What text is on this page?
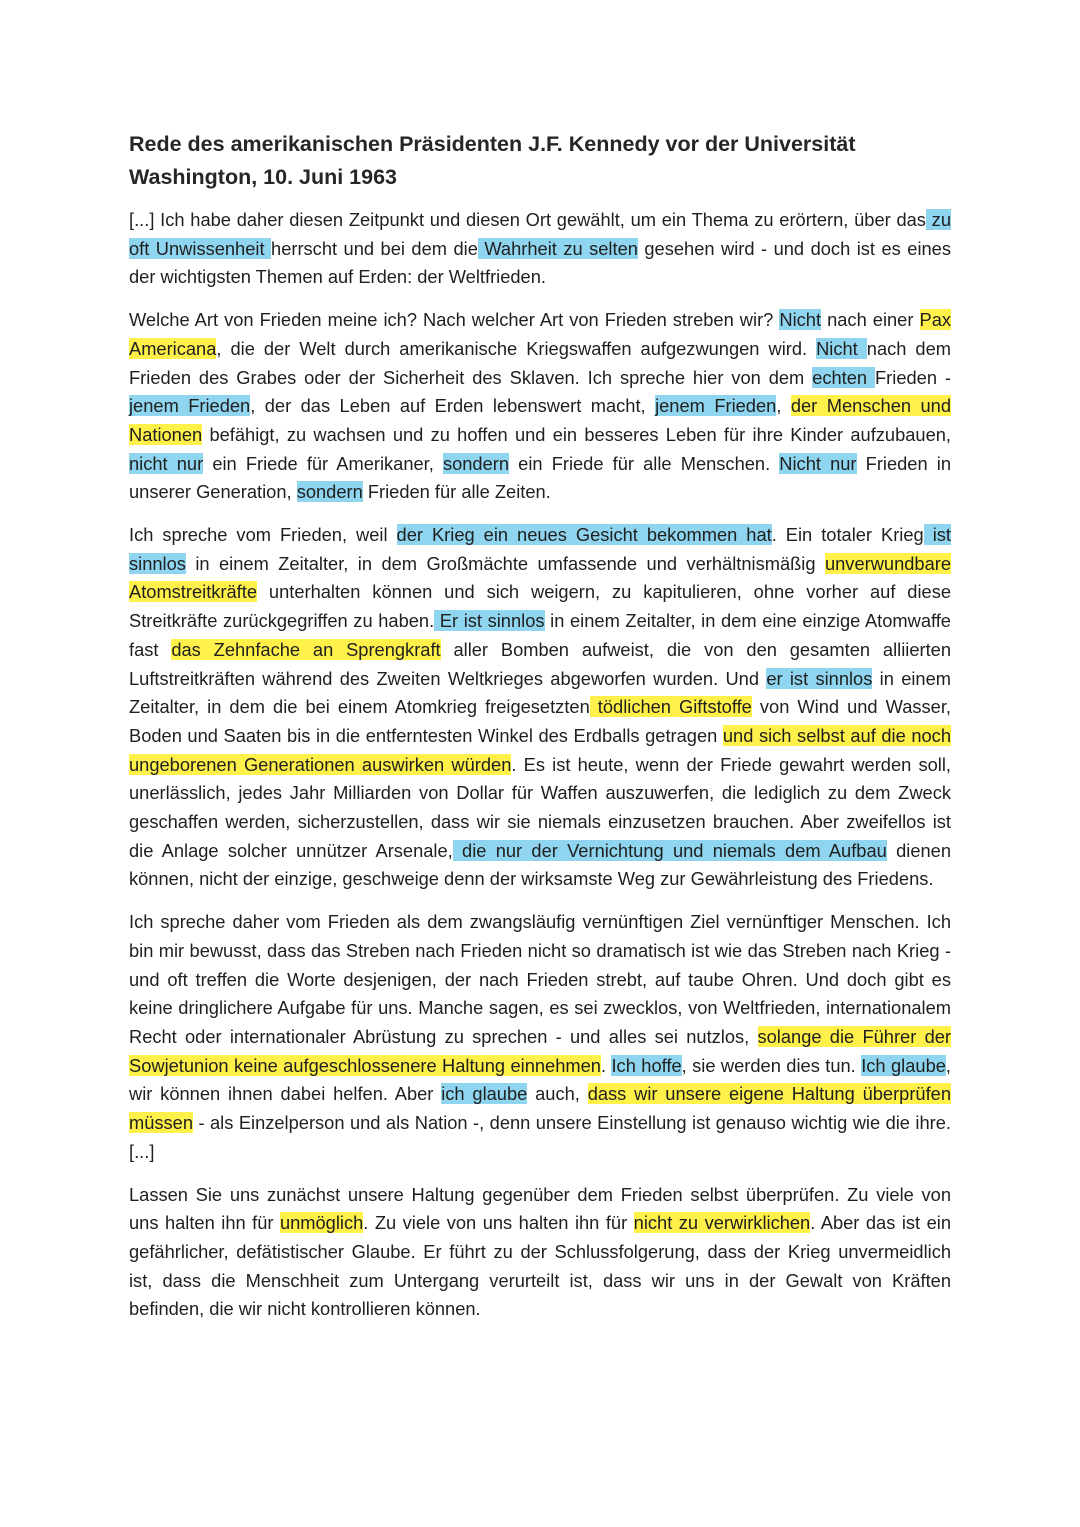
Rede des amerikanischen Präsidenten J.F. Kennedy vor der Universität Washington, 10. Juni 1963

[...] Ich habe daher diesen Zeitpunkt und diesen Ort gewählt, um ein Thema zu erörtern, über das zu oft Unwissenheit herrscht und bei dem die Wahrheit zu selten gesehen wird - und doch ist es eines der wichtigsten Themen auf Erden: der Weltfrieden.

Welche Art von Frieden meine ich? Nach welcher Art von Frieden streben wir? Nicht nach einer Pax Americana, die der Welt durch amerikanische Kriegswaffen aufgezwungen wird. Nicht nach dem Frieden des Grabes oder der Sicherheit des Sklaven. Ich spreche hier von dem echten Frieden - jenem Frieden, der das Leben auf Erden lebenswert macht, jenem Frieden, der Menschen und Nationen befähigt, zu wachsen und zu hoffen und ein besseres Leben für ihre Kinder aufzubauen, nicht nur ein Friede für Amerikaner, sondern ein Friede für alle Menschen. Nicht nur Frieden in unserer Generation, sondern Frieden für alle Zeiten.

Ich spreche vom Frieden, weil der Krieg ein neues Gesicht bekommen hat. Ein totaler Krieg ist sinnlos in einem Zeitalter, in dem Großmächte umfassende und verhältnismäßig unverwundbare Atomstreitkräfte unterhalten können und sich weigern, zu kapitulieren, ohne vorher auf diese Streitkräfte zurückgegriffen zu haben. Er ist sinnlos in einem Zeitalter, in dem eine einzige Atomwaffe fast das Zehnfache an Sprengkraft aller Bomben aufweist, die von den gesamten alliierten Luftstreitkräften während des Zweiten Weltkrieges abgeworfen wurden. Und er ist sinnlos in einem Zeitalter, in dem die bei einem Atomkrieg freigesetzten tödlichen Giftstoffe von Wind und Wasser, Boden und Saaten bis in die entferntesten Winkel des Erdballs getragen und sich selbst auf die noch ungeborenen Generationen auswirken würden. Es ist heute, wenn der Friede gewahrt werden soll, unerlässlich, jedes Jahr Milliarden von Dollar für Waffen auszuwerfen, die lediglich zu dem Zweck geschaffen werden, sicherzustellen, dass wir sie niemals einzusetzen brauchen. Aber zweifellos ist die Anlage solcher unnützer Arsenale, die nur der Vernichtung und niemals dem Aufbau dienen können, nicht der einzige, geschweige denn der wirksamste Weg zur Gewährleistung des Friedens.

Ich spreche daher vom Frieden als dem zwangsläufig vernünftigen Ziel vernünftiger Menschen. Ich bin mir bewusst, dass das Streben nach Frieden nicht so dramatisch ist wie das Streben nach Krieg - und oft treffen die Worte desjenigen, der nach Frieden strebt, auf taube Ohren. Und doch gibt es keine dringlichere Aufgabe für uns. Manche sagen, es sei zwecklos, von Weltfrieden, internationalem Recht oder internationaler Abrüstung zu sprechen - und alles sei nutzlos, solange die Führer der Sowjetunion keine aufgeschlossenere Haltung einnehmen. Ich hoffe, sie werden dies tun. Ich glaube, wir können ihnen dabei helfen. Aber ich glaube auch, dass wir unsere eigene Haltung überprüfen müssen - als Einzelperson und als Nation -, denn unsere Einstellung ist genauso wichtig wie die ihre. [...]

Lassen Sie uns zunächst unsere Haltung gegenüber dem Frieden selbst überprüfen. Zu viele von uns halten ihn für unmöglich. Zu viele von uns halten ihn für nicht zu verwirklichen. Aber das ist ein gefährlicher, defätistischer Glaube. Er führt zu der Schlussfolgerung, dass der Krieg unvermeidlich ist, dass die Menschheit zum Untergang verurteilt ist, dass wir uns in der Gewalt von Kräften befinden, die wir nicht kontrollieren können.
